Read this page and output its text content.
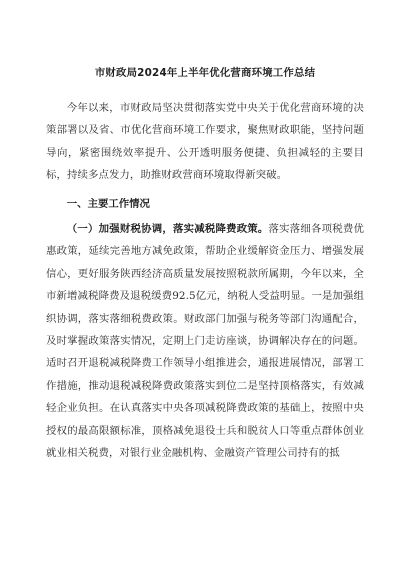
市财政局2024年上半年优化营商环境工作总结

今年以来，市财政局坚决贯彻落实党中央关于优化营商环境的决策部署以及省、市优化营商环境工作要求，聚焦财政职能，坚持问题导向，紧密围绕效率提升、公开透明服务便捷、负担减轻的主要目标，持续多点发力，助推财政营商环境取得新突破。

一、主要工作情况

（一）加强财税协调，落实减税降费政策。落实落细各项税费优惠政策，延续完善地方减免政策，帮助企业缓解资金压力、增强发展信心，更好服务陕西经济高质量发展按照税款所属期，今年以来，全市新增减税降费及退税缓费92.5亿元，纳税人受益明显。一是加强组织协调，落实落细税费政策。财政部门加强与税务等部门沟通配合，及时掌握政策落实情况，定期上门走访座谈，协调解决存在的问题。适时召开退税减税降费工作领导小组推进会，通报进展情况，部署工作措施，推动退税减税降费政策落实到位二是坚持顶格落实，有效减轻企业负担。在认真落实中央各项减税降费政策的基础上，按照中央授权的最高限额标准，顶格减免退役士兵和脱贫人口等重点群体创业就业相关税费，对银行业金融机构、金融资产管理公司持有的抵
